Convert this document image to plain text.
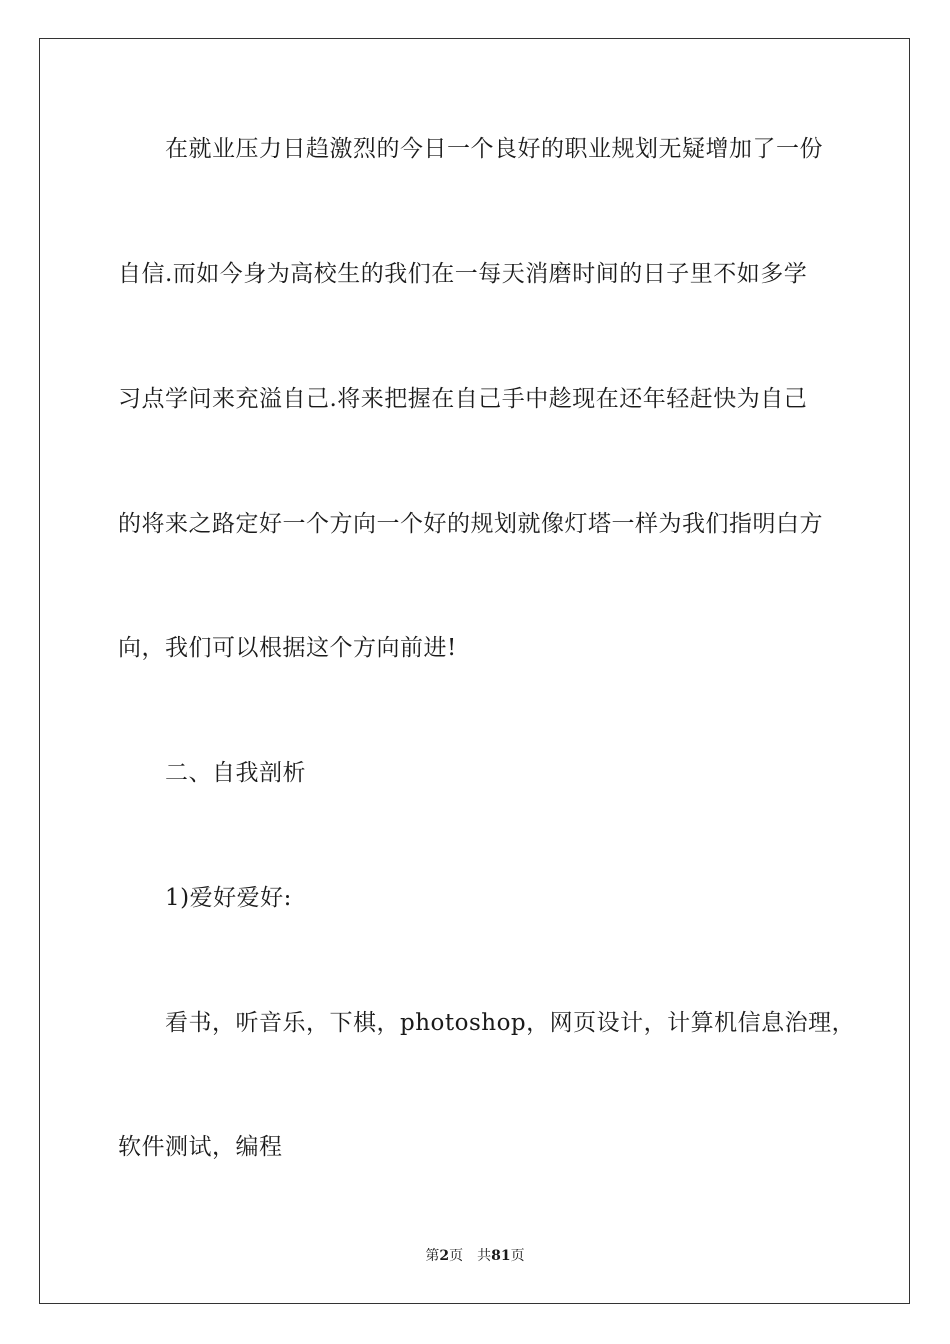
在就业压力日趋激烈的今日一个良好的职业规划无疑增加了一份
自信.而如今身为高校生的我们在一每天消磨时间的日子里不如多学
习点学问来充溢自己.将来把握在自己手中趁现在还年轻赶快为自己
的将来之路定好一个方向一个好的规划就像灯塔一样为我们指明白方
向，我们可以根据这个方向前进!
二、自我剖析
1)爱好爱好:
看书，听音乐，下棋，photoshop，网页设计，计算机信息治理，
软件测试，编程
第2页 共81页
